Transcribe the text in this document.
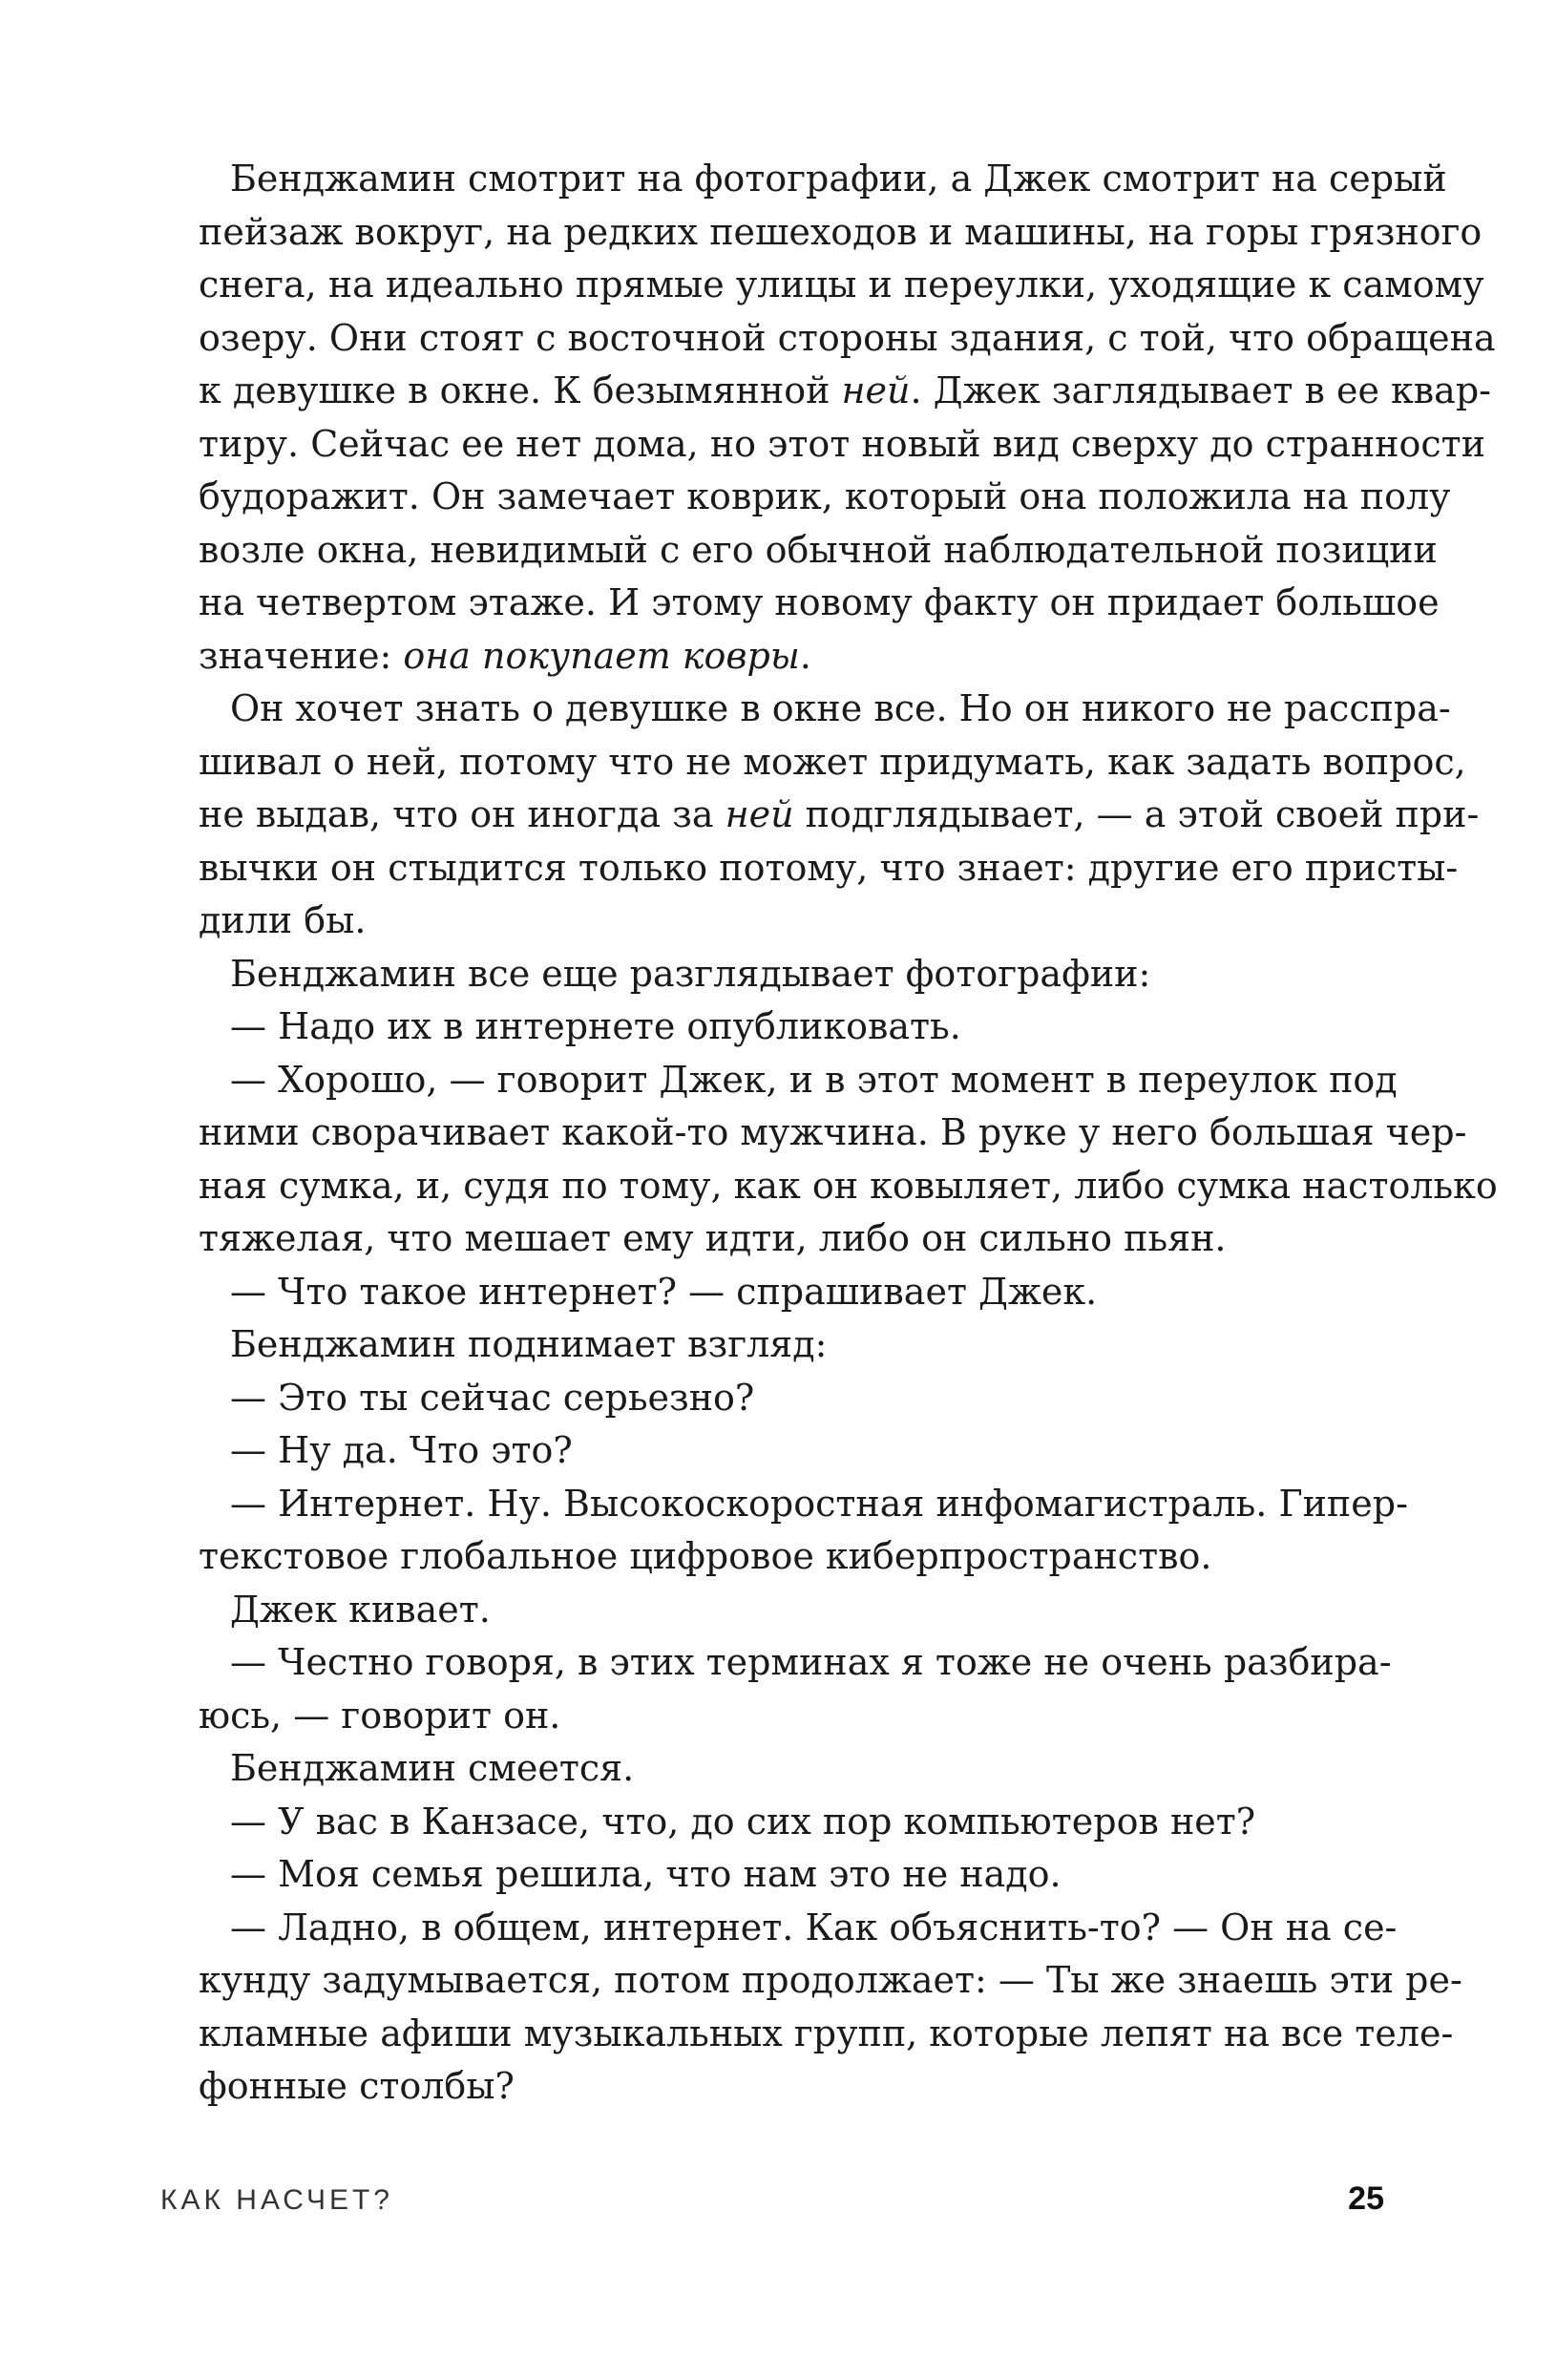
Бенджамин смотрит на фотографии, а Джек смотрит на серый
пейзаж вокруг, на редких пешеходов и машины, на горы грязного
снега, на идеально прямые улицы и переулки, уходящие к самому
озеру. Они стоят с восточной стороны здания, с той, что обращена
к девушке в окне. К безымянной ней. Джек заглядывает в ее квар-
тиру. Сейчас ее нет дома, но этот новый вид сверху до странности
будоражит. Он замечает коврик, который она положила на полу
возле окна, невидимый с его обычной наблюдательной позиции
на четвертом этаже. И этому новому факту он придает большое
значение: она покупает ковры.
Он хочет знать о девушке в окне все. Но он никого не расспра-
шивал о ней, потому что не может придумать, как задать вопрос,
не выдав, что он иногда за ней подглядывает, — а этой своей при-
вычки он стыдится только потому, что знает: другие его присты-
дили бы.
Бенджамин все еще разглядывает фотографии:
— Надо их в интернете опубликовать.
— Хорошо, — говорит Джек, и в этот момент в переулок под
ними сворачивает какой-то мужчина. В руке у него большая чер-
ная сумка, и, судя по тому, как он ковыляет, либо сумка настолько
тяжелая, что мешает ему идти, либо он сильно пьян.
— Что такое интернет? — спрашивает Джек.
Бенджамин поднимает взгляд:
— Это ты сейчас серьезно?
— Ну да. Что это?
— Интернет. Ну. Высокоскоростная инфомагистраль. Гипер-
текстовое глобальное цифровое киберпространство.
Джек кивает.
— Честно говоря, в этих терминах я тоже не очень разбира-
юсь, — говорит он.
Бенджамин смеется.
— У вас в Канзасе, что, до сих пор компьютеров нет?
— Моя семья решила, что нам это не надо.
— Ладно, в общем, интернет. Как объяснить-то? — Он на се-
кунду задумывается, потом продолжает: — Ты же знаешь эти ре-
кламные афиши музыкальных групп, которые лепят на все теле-
фонные столбы?
КАК НАСЧЕТ?	25
